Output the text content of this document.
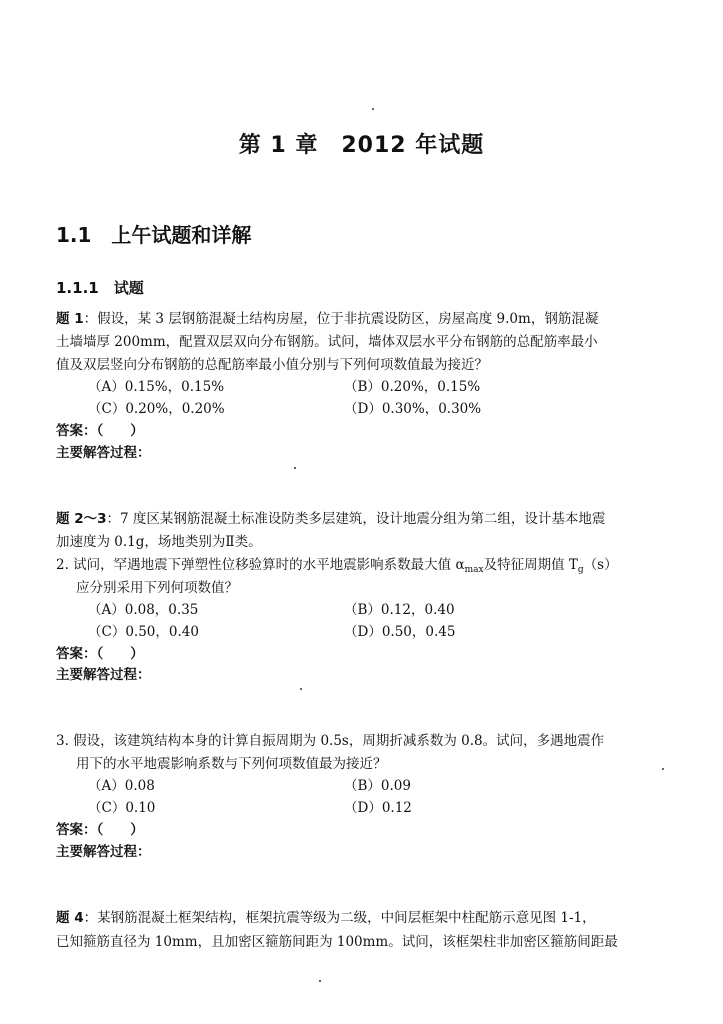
第 1 章　2012 年试题
1.1　上午试题和详解
1.1.1　试题
题 1：假设，某 3 层钢筋混凝土结构房屋，位于非抗震设防区，房屋高度 9.0m，钢筋混凝
土墙墙厚 200mm，配置双层双向分布钢筋。试问，墙体双层水平分布钢筋的总配筋率最小
值及双层竖向分布钢筋的总配筋率最小值分别与下列何项数值最为接近？
（A）0.15%，0.15%	（B）0.20%，0.15%
（C）0.20%，0.20%	（D）0.30%，0.30%
答案：（　　）
主要解答过程：
题 2～3：7 度区某钢筋混凝土标准设防类多层建筑，设计地震分组为第二组，设计基本地震
加速度为 0.1g，场地类别为Ⅱ类。
2. 试问，罕遇地震下弹塑性位移验算时的水平地震影响系数最大值 $\alpha_{max}$及特征周期值 $T_g(s)$
应分别采用下列何项数值？
（A）0.08，0.35	（B）0.12，0.40
（C）0.50，0.40	（D）0.50，0.45
答案：（　　）
主要解答过程：
3. 假设，该建筑结构本身的计算自振周期为 0.5s，周期折减系数为 0.8。试问，多遇地震作
用下的水平地震影响系数与下列何项数值最为接近？
（A）0.08	（B）0.09
（C）0.10	（D）0.12
答案：（　　）
主要解答过程：
题 4：某钢筋混凝土框架结构，框架抗震等级为二级，中间层框架中柱配筋示意见图 1-1，
已知箍筋直径为 10mm，且加密区箍筋间距为 100mm。试问，该框架柱非加密区箍筋间距最
